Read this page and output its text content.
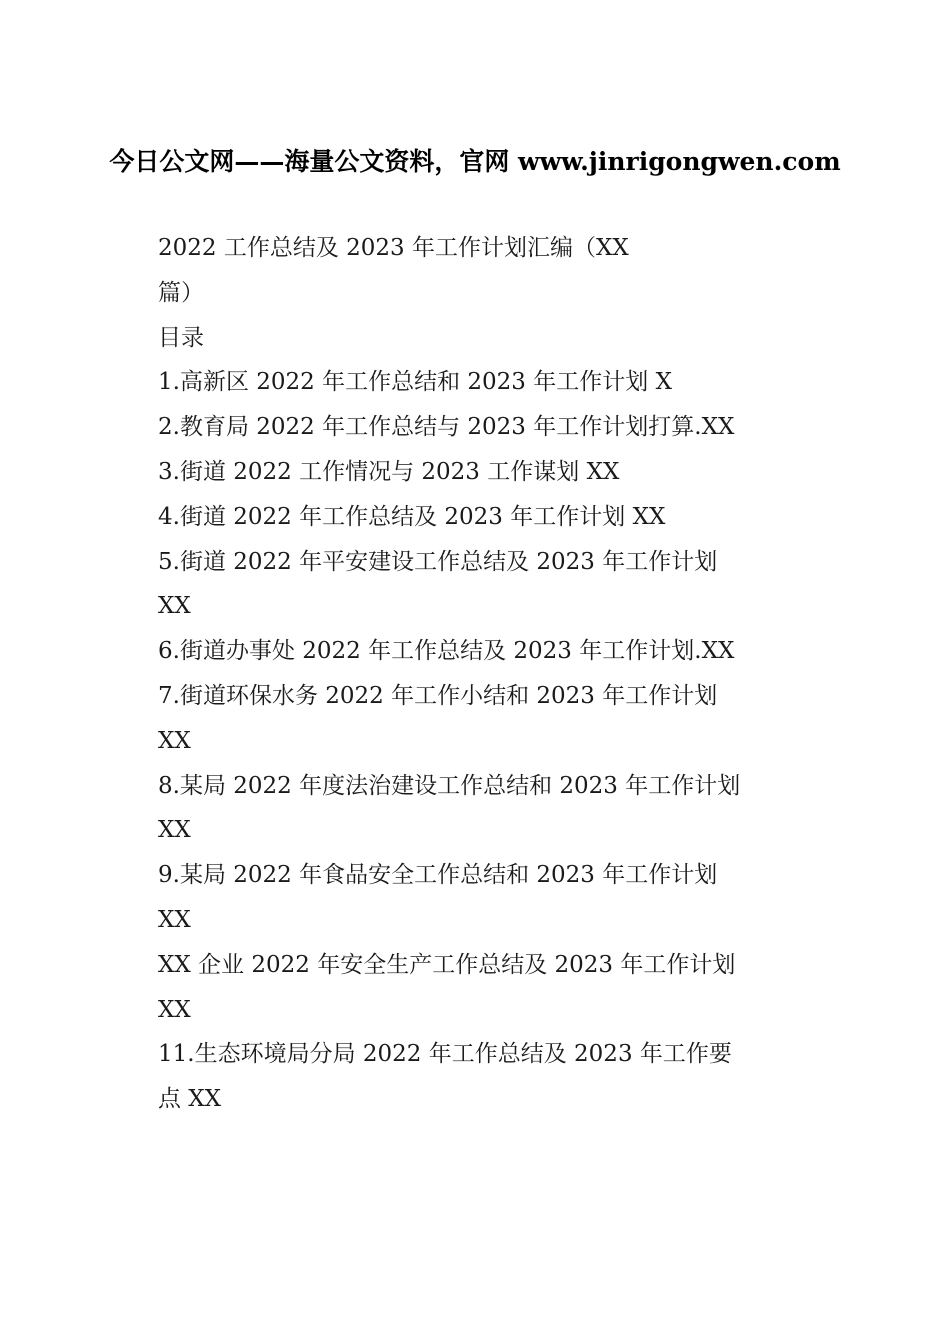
今日公文网——海量公文资料，官网 www.jinrigongwen.com

2022 工作总结及 2023 年工作计划汇编（XX

篇）

目录

1.高新区 2022 年工作总结和 2023 年工作计划 X

2.教育局 2022 年工作总结与 2023 年工作计划打算.XX

3.街道 2022 工作情况与 2023 工作谋划 XX

4.街道 2022 年工作总结及 2023 年工作计划 XX

5.街道 2022 年平安建设工作总结及 2023 年工作计划

XX

6.街道办事处 2022 年工作总结及 2023 年工作计划.XX

7.街道环保水务 2022 年工作小结和 2023 年工作计划

XX

8.某局 2022 年度法治建设工作总结和 2023 年工作计划

XX

9.某局 2022 年食品安全工作总结和 2023 年工作计划

XX

XX 企业 2022 年安全生产工作总结及 2023 年工作计划

XX

11.生态环境局分局 2022 年工作总结及 2023 年工作要

点 XX
